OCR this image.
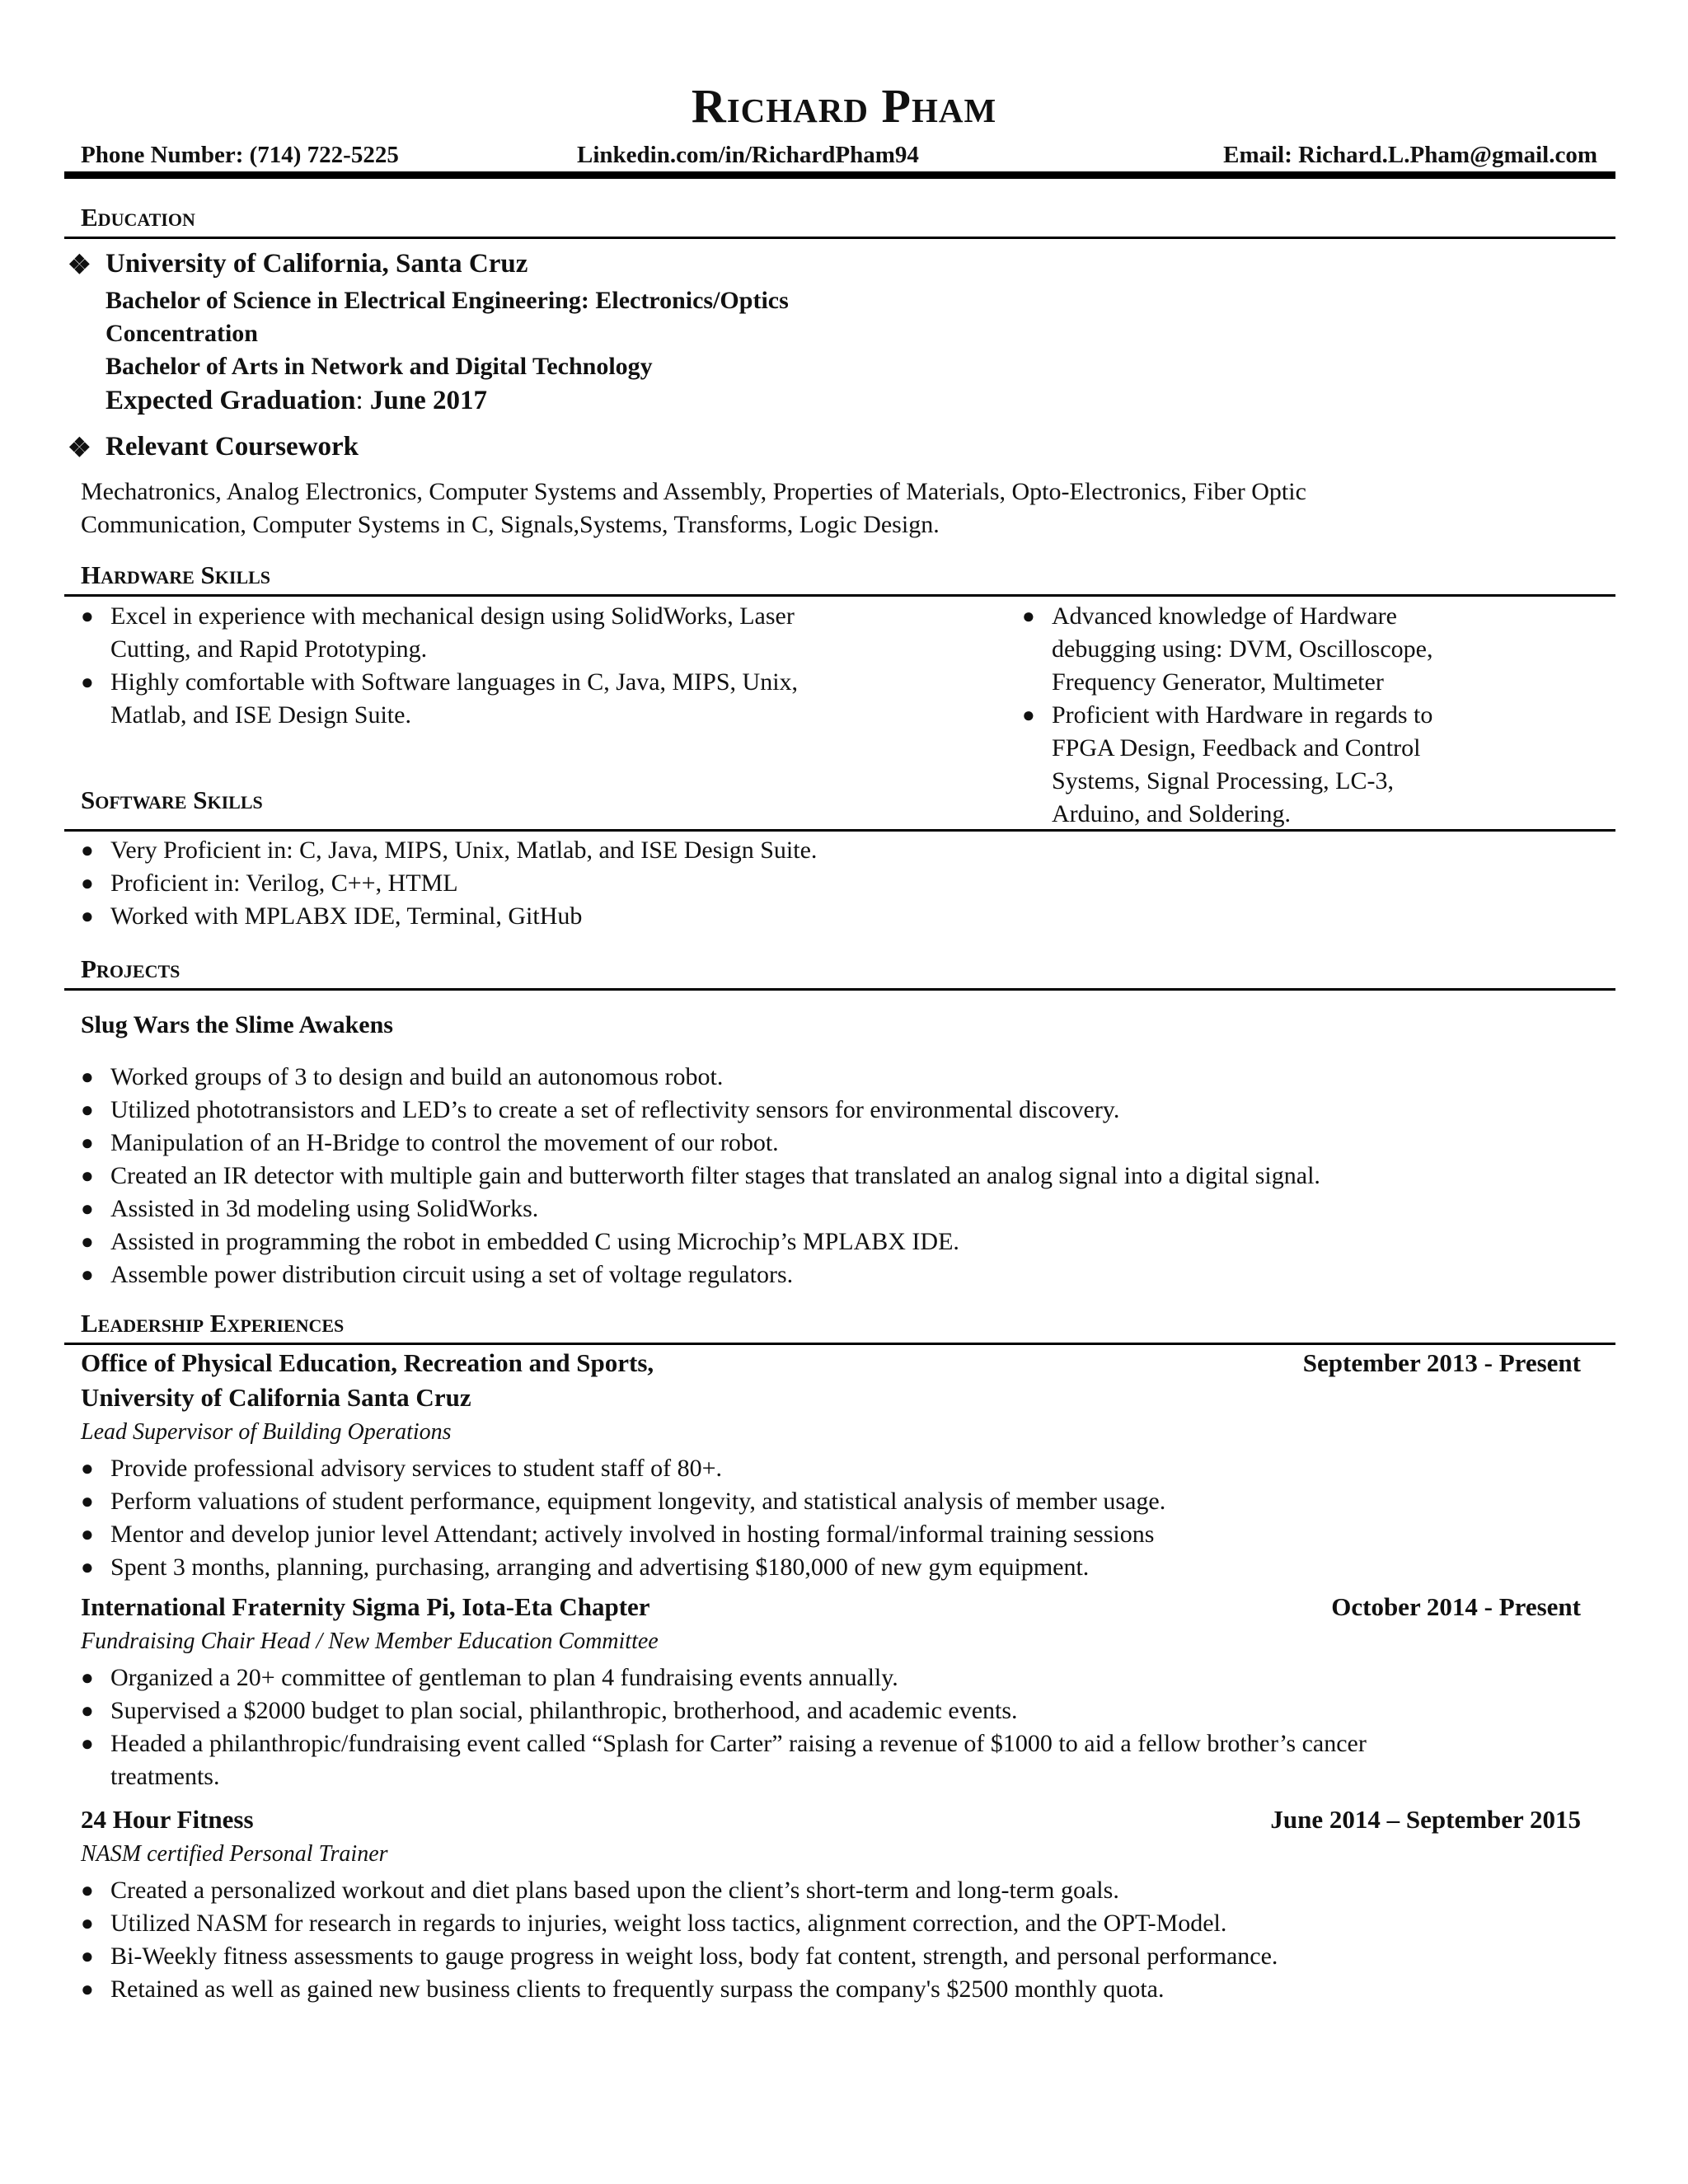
Richard Pham
Phone Number: (714) 722-5225	Linkedin.com/in/RichardPham94	Email: Richard.L.Pham@gmail.com
Education
❖ University of California, Santa Cruz
Bachelor of Science in Electrical Engineering: Electronics/Optics
Concentration
Bachelor of Arts in Network and Digital Technology
Expected Graduation: June 2017
❖ Relevant Coursework
Mechatronics, Analog Electronics, Computer Systems and Assembly, Properties of Materials, Opto-Electronics, Fiber Optic
Communication, Computer Systems in C, Signals,Systems, Transforms, Logic Design.
Hardware Skills
● Excel in experience with mechanical design using SolidWorks, Laser
Cutting, and Rapid Prototyping.
● Highly comfortable with Software languages in C, Java, MIPS, Unix,
Matlab, and ISE Design Suite.
● Advanced knowledge of Hardware
debugging using: DVM, Oscilloscope,
Frequency Generator, Multimeter
● Proficient with Hardware in regards to
FPGA Design, Feedback and Control
Systems, Signal Processing, LC-3,
Arduino, and Soldering.
Software Skills
● Very Proficient in: C, Java, MIPS, Unix, Matlab, and ISE Design Suite.
● Proficient in: Verilog, C++, HTML
● Worked with MPLABX IDE, Terminal, GitHub
Projects
Slug Wars the Slime Awakens
● Worked groups of 3 to design and build an autonomous robot.
● Utilized phototransistors and LED’s to create a set of reflectivity sensors for environmental discovery.
● Manipulation of an H-Bridge to control the movement of our robot.
● Created an IR detector with multiple gain and butterworth filter stages that translated an analog signal into a digital signal.
● Assisted in 3d modeling using SolidWorks.
● Assisted in programming the robot in embedded C using Microchip’s MPLABX IDE.
● Assemble power distribution circuit using a set of voltage regulators.
Leadership Experiences
Office of Physical Education, Recreation and Sports,	September 2013 - Present
University of California Santa Cruz
Lead Supervisor of Building Operations
● Provide professional advisory services to student staff of 80+.
● Perform valuations of student performance, equipment longevity, and statistical analysis of member usage.
● Mentor and develop junior level Attendant; actively involved in hosting formal/informal training sessions
● Spent 3 months, planning, purchasing, arranging and advertising $180,000 of new gym equipment.
International Fraternity Sigma Pi, Iota-Eta Chapter	October 2014 - Present
Fundraising Chair Head / New Member Education Committee
● Organized a 20+ committee of gentleman to plan 4 fundraising events annually.
● Supervised a $2000 budget to plan social, philanthropic, brotherhood, and academic events.
● Headed a philanthropic/fundraising event called “Splash for Carter” raising a revenue of $1000 to aid a fellow brother’s cancer
treatments.
24 Hour Fitness	June 2014 – September 2015
NASM certified Personal Trainer
● Created a personalized workout and diet plans based upon the client’s short-term and long-term goals.
● Utilized NASM for research in regards to injuries, weight loss tactics, alignment correction, and the OPT-Model.
● Bi-Weekly fitness assessments to gauge progress in weight loss, body fat content, strength, and personal performance.
● Retained as well as gained new business clients to frequently surpass the company's $2500 monthly quota.
